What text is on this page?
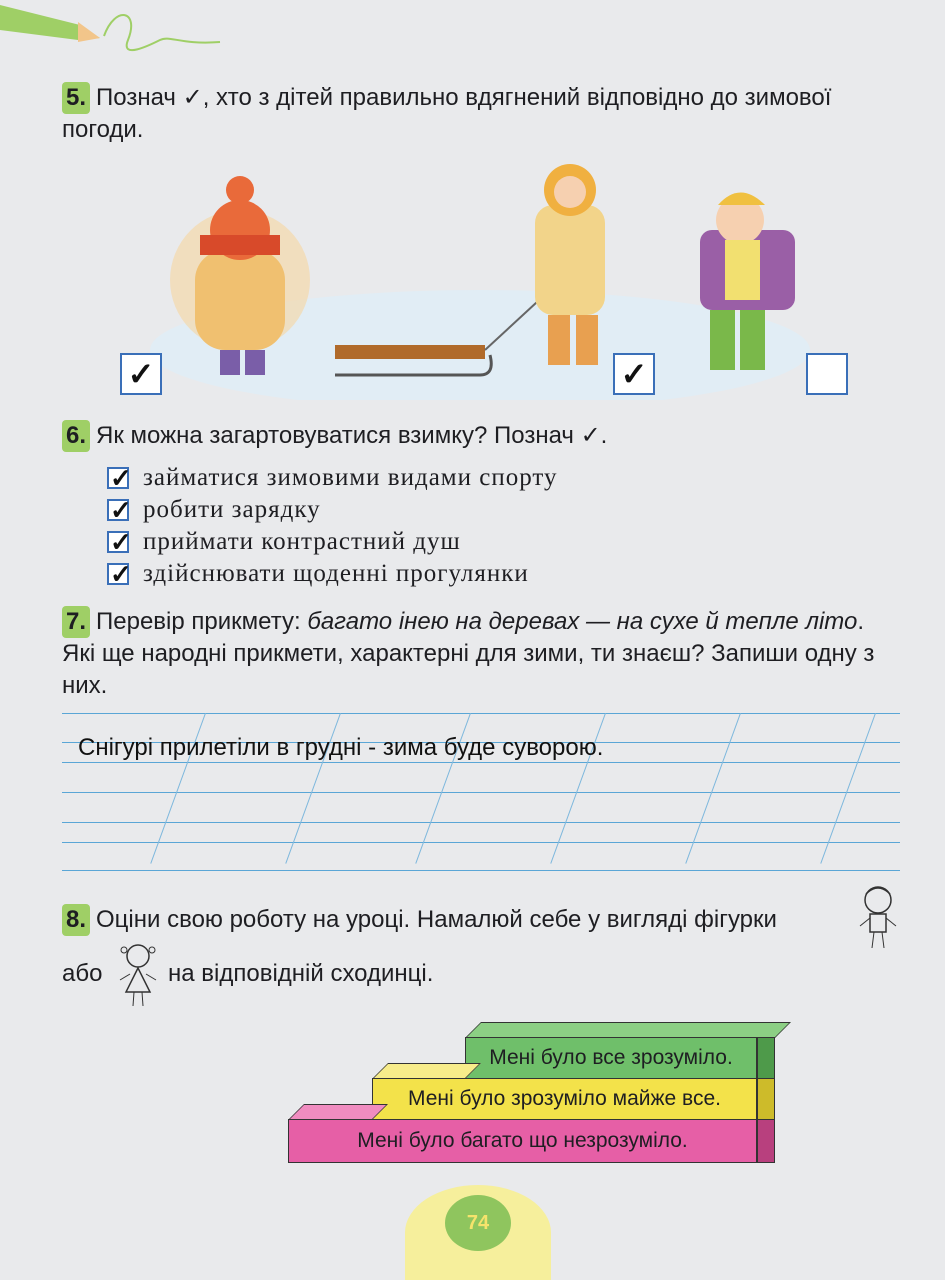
5. Познач ✓, хто з дітей правильно вдягнений відповідно до зимової погоди.
✓	✓
6. Як можна загартовуватися взимку? Познач ✓.
✓ займатися зимовими видами спорту
✓ робити зарядку
✓ приймати контрастний душ
✓ здійснювати щоденні прогулянки
7. Перевір прикмету: багато інею на деревах — на сухе й тепле літо. Які ще народні прикмети, характерні для зими, ти знаєш? Запиши одну з них.
Снігурі прилетіли в грудні - зима буде суворою.
8. Оціни свою роботу на уроці. Намалюй себе у вигляді фігурки
або	на відповідній сходинці.
Мені було все зрозуміло.
Мені було зрозуміло майже все.
Мені було багато що незрозуміло.
74
